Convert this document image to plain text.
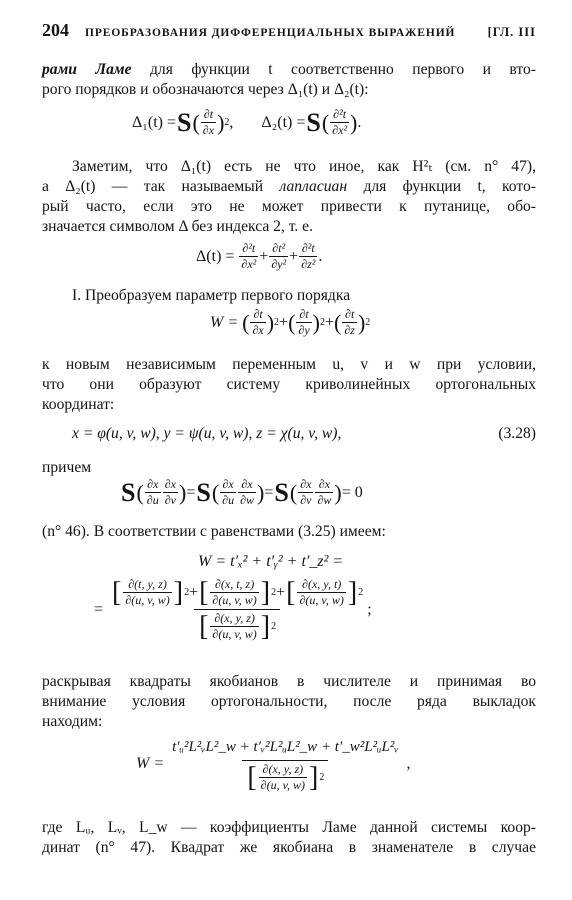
204 ПРЕОБРАЗОВАНИЯ ДИФФЕРЕНЦИАЛЬНЫХ ВЫРАЖЕНИЙ	[ГЛ. III
рами Ламе для функции t соответственно первого и вто-
рого порядков и обозначаются через Δ₁(t) и Δ₂(t):
Δ₁(t) = S ( $\frac{\partial t}{\partial x}$ ) 2 , Δ₂(t) = S ( $\frac{\text{∂²t}}{\text{∂x²}}$ ) .
Заметим, что Δ₁(t) есть не что иное, как H²ₜ (см. n° 47),
а Δ₂(t) — так называемый лапласиан для функции t, кото-
рый часто, если это не может привести к путанице, обо-
значается символом Δ без индекса 2, т. е.
Δ(t) =
$\frac{\text{∂²t}}{\text{∂x²}} + \frac{\text{∂t²}}{\text{∂y²}} + \frac{\text{∂²t}}{\text{∂z²}}$ .
I. Преобразуем параметр первого порядка
W =
( $\frac{\partial t}{\partial x}$ ) 2 + ( $\frac{\partial t}{\partial y}$ ) 2 + ( $\frac{\partial t}{\partial z}$ ) 2
к новым независимым переменным u, v и w при условии,
что они образуют систему криволинейных ортогональных
координат:
x = φ(u, v, w), y = ψ(u, v, w), z = χ(u, v, w),	(3.28)
причем
S ( $\frac{\partial x}{\partial u} \frac{\partial x}{\partial v}$ ) = S ( $\frac{\partial x}{\partial u} \frac{\partial x}{\partial w}$ ) = S ( $\frac{\partial x}{\partial v} \frac{\partial x}{\partial w}$ ) = 0
(n° 46). В соответствии с равенствами (3.25) имеем:
W = t′ₓ² + t′ᵧ² + t′_z² =
=
[ $\frac{\partial(t, y, z)}{\partial(u, v, w)}$ ] 2 + [ $\frac{\partial(x, t, z)}{\partial(u, v, w)}$ ] 2 + [ $\frac{\partial(x, y, t)}{\partial(u, v, w)}$ ] 2
[ $\frac{\partial(x, y, z)}{\partial(u, v, w)}$ ] 2
;
раскрывая квадраты якобианов в числителе и принимая во
внимание условия ортогональности, после ряда выкладок
находим:
W =
$\frac{\text{t′ᵤ²L²ᵥL²\_w + t′ᵥ²L²ᵤL²\_w + t′\_w²L²ᵤL²ᵥ}}{[ \frac{\partial(x, y, z)}{\partial(u, v, w)} ] 2}$ ,
где Lᵤ, Lᵥ, L_w — коэффициенты Ламе данной системы коор-
динат (n° 47). Квадрат же якобиана в знаменателе в случае
